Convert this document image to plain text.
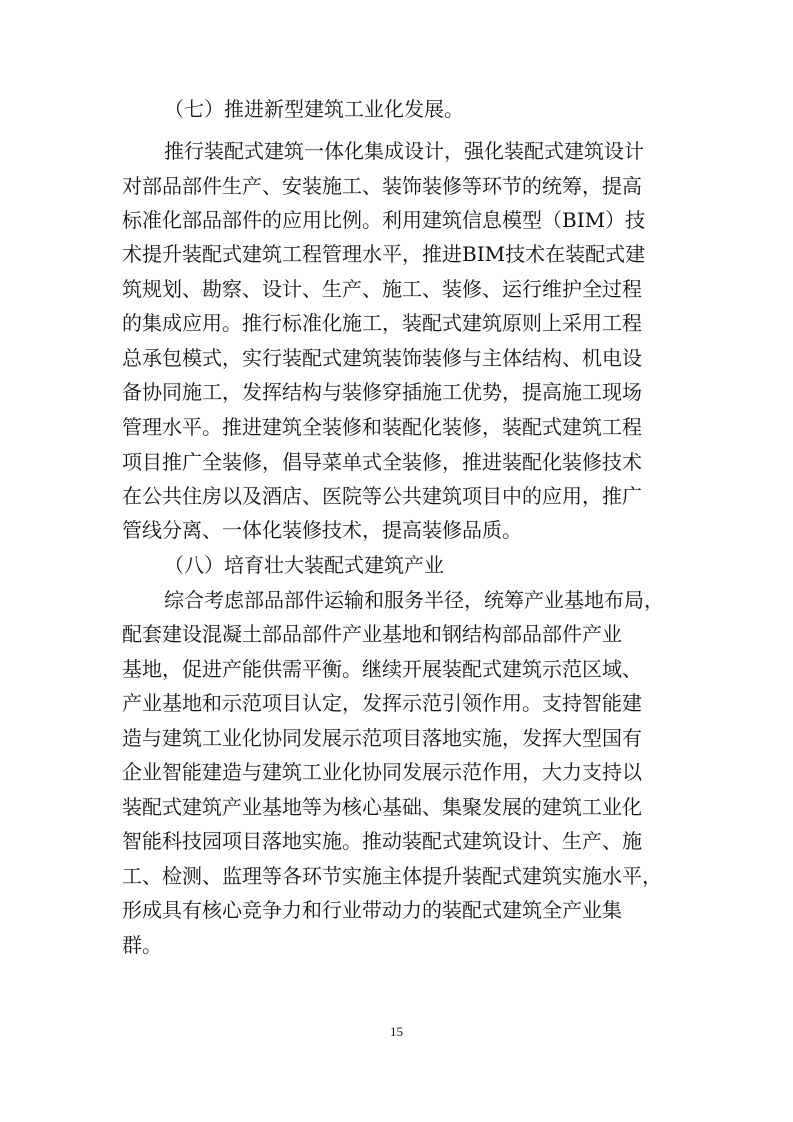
（七）推进新型建筑工业化发展。
推行装配式建筑一体化集成设计，强化装配式建筑设计
对部品部件生产、安装施工、装饰装修等环节的统筹，提高
标准化部品部件的应用比例。利用建筑信息模型（BIM）技
术提升装配式建筑工程管理水平，推进BIM技术在装配式建
筑规划、勘察、设计、生产、施工、装修、运行维护全过程
的集成应用。推行标准化施工，装配式建筑原则上采用工程
总承包模式，实行装配式建筑装饰装修与主体结构、机电设
备协同施工，发挥结构与装修穿插施工优势，提高施工现场
管理水平。推进建筑全装修和装配化装修，装配式建筑工程
项目推广全装修，倡导菜单式全装修，推进装配化装修技术
在公共住房以及酒店、医院等公共建筑项目中的应用，推广
管线分离、一体化装修技术，提高装修品质。
（八）培育壮大装配式建筑产业
综合考虑部品部件运输和服务半径，统筹产业基地布局，
配套建设混凝土部品部件产业基地和钢结构部品部件产业
基地，促进产能供需平衡。继续开展装配式建筑示范区域、
产业基地和示范项目认定，发挥示范引领作用。支持智能建
造与建筑工业化协同发展示范项目落地实施，发挥大型国有
企业智能建造与建筑工业化协同发展示范作用，大力支持以
装配式建筑产业基地等为核心基础、集聚发展的建筑工业化
智能科技园项目落地实施。推动装配式建筑设计、生产、施
工、检测、监理等各环节实施主体提升装配式建筑实施水平，
形成具有核心竞争力和行业带动力的装配式建筑全产业集
群。
15
